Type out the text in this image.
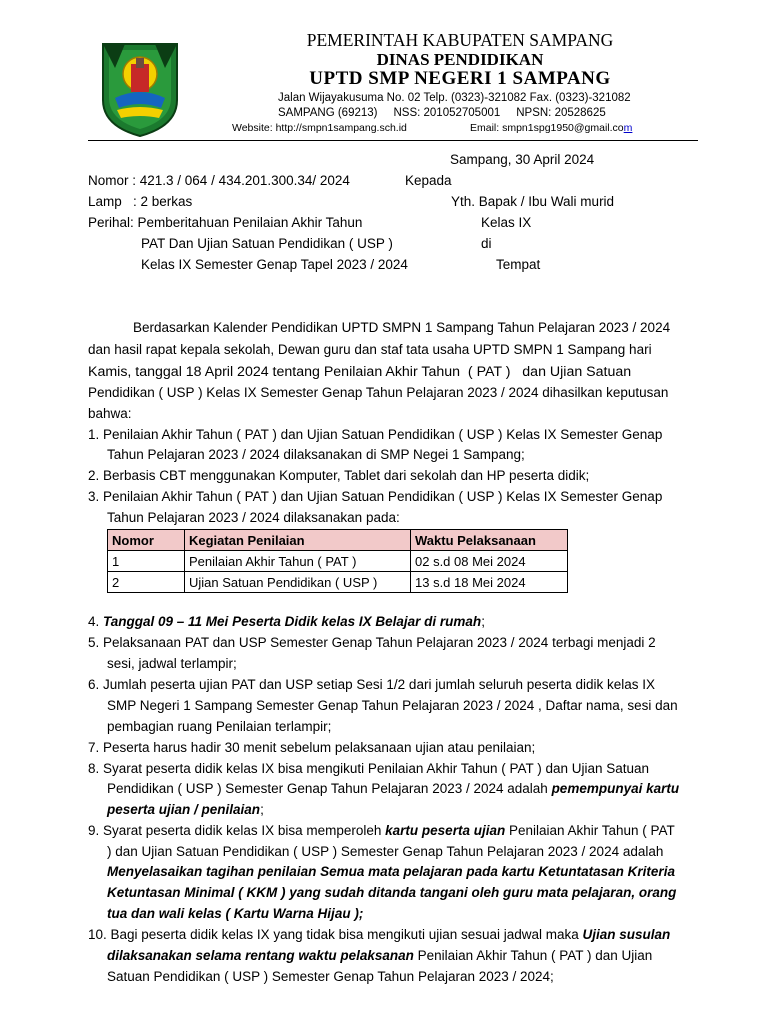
PEMERINTAH KABUPATEN SAMPANG
DINAS PENDIDIKAN
UPTD SMP NEGERI 1 SAMPANG
Jalan Wijayakusuma No. 02 Telp. (0323)-321082 Fax. (0323)-321082
SAMPANG (69213)     NSS: 201052705001     NPSN: 20528625
Website: http://smpn1sampang.sch.id	Email: smpn1spg1950@gmail.com
Sampang, 30 April 2024
Nomor : 421.3 / 064 / 434.201.300.34/ 2024	Kepada
Lamp   : 2 berkas	Yth. Bapak / Ibu Wali murid
Perihal: Pemberitahuan Penilaian Akhir Tahun	Kelas IX
PAT Dan Ujian Satuan Pendidikan ( USP )	di
Kelas IX Semester Genap Tapel 2023 / 2024	Tempat
Berdasarkan Kalender Pendidikan UPTD SMPN 1 Sampang Tahun Pelajaran 2023 / 2024
dan hasil rapat kepala sekolah, Dewan guru dan staf tata usaha UPTD SMPN 1 Sampang hari
Kamis, tanggal 18 April 2024 tentang Penilaian Akhir Tahun  ( PAT )   dan Ujian Satuan
Pendidikan ( USP ) Kelas IX Semester Genap Tahun Pelajaran 2023 / 2024 dihasilkan keputusan
bahwa:
1. Penilaian Akhir Tahun ( PAT ) dan Ujian Satuan Pendidikan ( USP ) Kelas IX Semester Genap
Tahun Pelajaran 2023 / 2024 dilaksanakan di SMP Negei 1 Sampang;
2. Berbasis CBT menggunakan Komputer, Tablet dari sekolah dan HP peserta didik;
3. Penilaian Akhir Tahun ( PAT ) dan Ujian Satuan Pendidikan ( USP ) Kelas IX Semester Genap
Tahun Pelajaran 2023 / 2024 dilaksanakan pada:
Nomor	Kegiatan Penilaian	Waktu Pelaksanaan
1	Penilaian Akhir Tahun ( PAT )	02 s.d 08 Mei 2024
2	Ujian Satuan Pendidikan ( USP )	13 s.d 18 Mei 2024
4. Tanggal 09 – 11 Mei Peserta Didik kelas IX Belajar di rumah;
5. Pelaksanaan PAT dan USP Semester Genap Tahun Pelajaran 2023 / 2024 terbagi menjadi 2
sesi, jadwal terlampir;
6. Jumlah peserta ujian PAT dan USP setiap Sesi 1/2 dari jumlah seluruh peserta didik kelas IX
SMP Negeri 1 Sampang Semester Genap Tahun Pelajaran 2023 / 2024 , Daftar nama, sesi dan
pembagian ruang Penilaian terlampir;
7. Peserta harus hadir 30 menit sebelum pelaksanaan ujian atau penilaian;
8. Syarat peserta didik kelas IX bisa mengikuti Penilaian Akhir Tahun ( PAT ) dan Ujian Satuan
Pendidikan ( USP ) Semester Genap Tahun Pelajaran 2023 / 2024 adalah pemempunyai kartu
peserta ujian / penilaian;
9. Syarat peserta didik kelas IX bisa memperoleh kartu peserta ujian Penilaian Akhir Tahun ( PAT
) dan Ujian Satuan Pendidikan ( USP ) Semester Genap Tahun Pelajaran 2023 / 2024 adalah
Menyelasaikan tagihan penilaian Semua mata pelajaran pada kartu Ketuntatasan Kriteria
Ketuntasan Minimal ( KKM ) yang sudah ditanda tangani oleh guru mata pelajaran, orang
tua dan wali kelas ( Kartu Warna Hijau );
10. Bagi peserta didik kelas IX yang tidak bisa mengikuti ujian sesuai jadwal maka Ujian susulan
dilaksanakan selama rentang waktu pelaksanan Penilaian Akhir Tahun ( PAT ) dan Ujian
Satuan Pendidikan ( USP ) Semester Genap Tahun Pelajaran 2023 / 2024;
